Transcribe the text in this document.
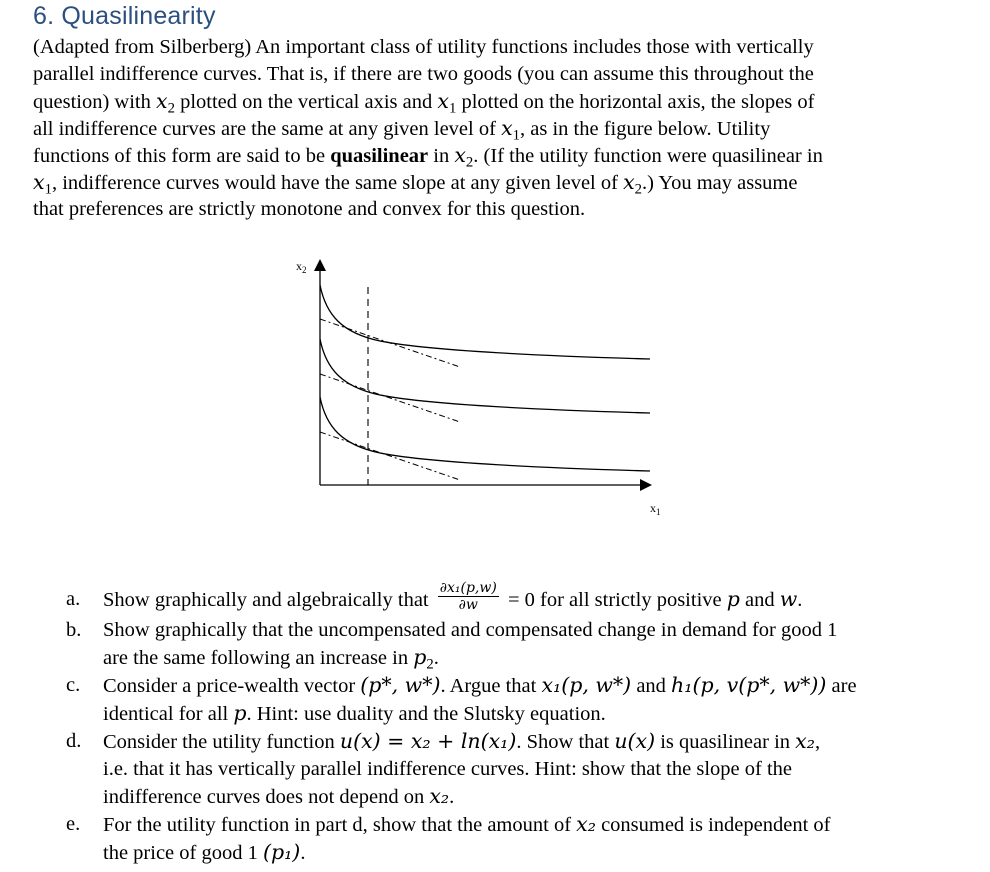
6. Quasilinearity
(Adapted from Silberberg) An important class of utility functions includes those with vertically
parallel indifference curves. That is, if there are two goods (you can assume this throughout the
question) with $x_2$ plotted on the vertical axis and $x_1$ plotted on the horizontal axis, the slopes of
all indifference curves are the same at any given level of $x_1$, as in the figure below. Utility
functions of this form are said to be quasilinear in $x_2$. (If the utility function were quasilinear in
$x_1$, indifference curves would have the same slope at any given level of $x_2$.) You may assume
that preferences are strictly monotone and convex for this question.
$x_2$
$x_1$
a. Show graphically and algebraically that $\frac{\text{∂x₁(p,w)}}{\partial w} = 0$ for all strictly positive p and w.
b. Show graphically that the uncompensated and compensated change in demand for good 1
are the same following an increase in $p_2$.
c. Consider a price-wealth vector (p*, w*). Argue that x₁(p, w*) and h₁(p, v(p*, w*)) are
identical for all p. Hint: use duality and the Slutsky equation.
d. Consider the utility function u(x) = x₂ + ln(x₁). Show that u(x) is quasilinear in x₂,
i.e. that it has vertically parallel indifference curves. Hint: show that the slope of the
indifference curves does not depend on x₂.
e. For the utility function in part d, show that the amount of x₂ consumed is independent of
the price of good 1 (p₁).
